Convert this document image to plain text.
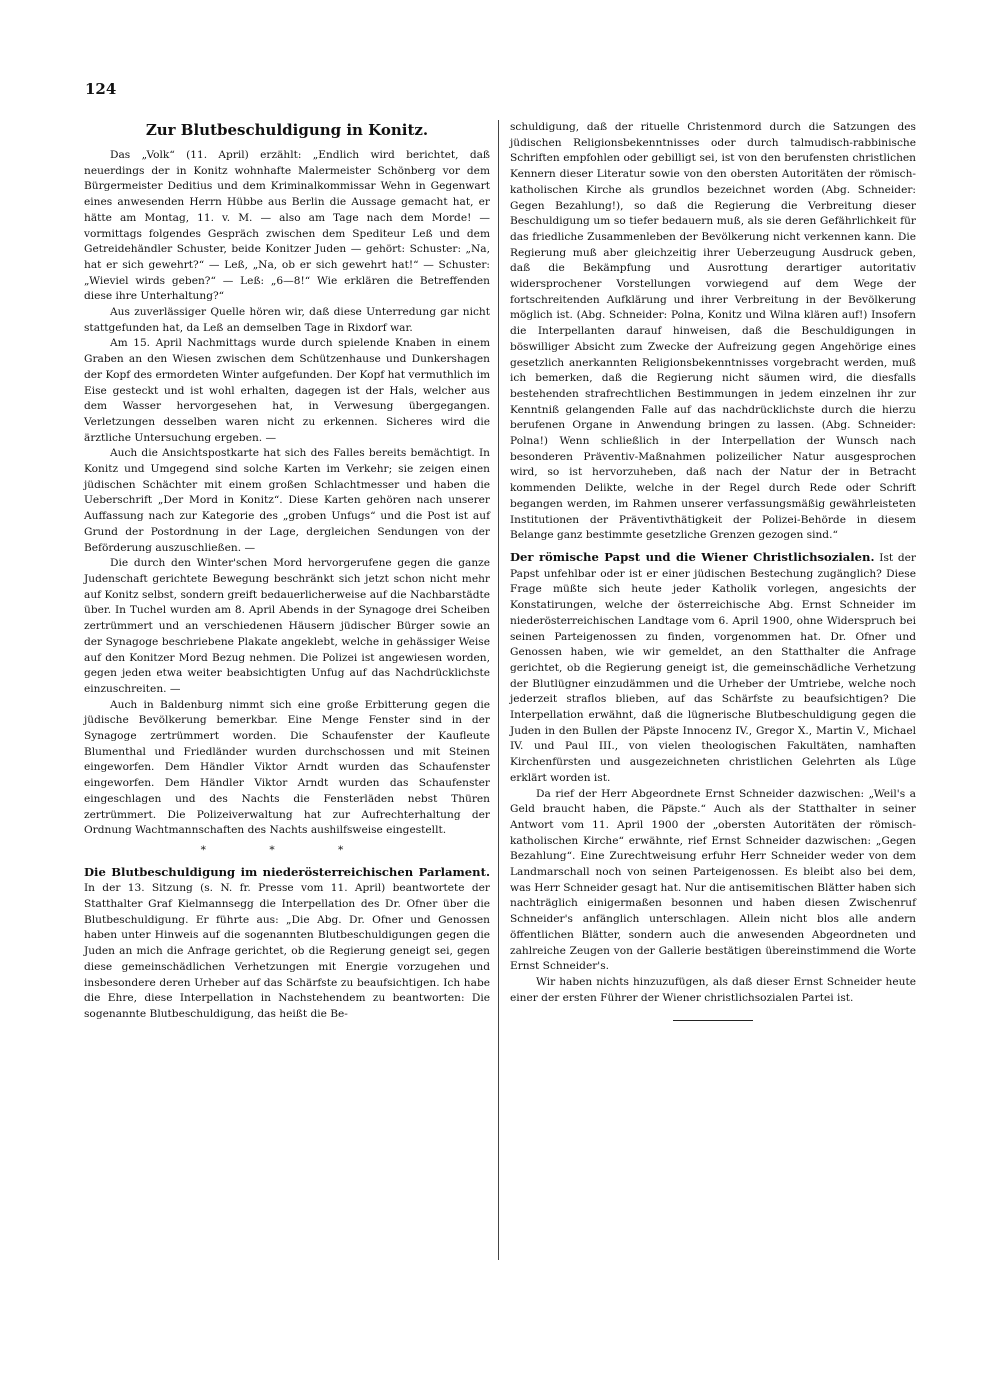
124
Zur Blutbeschuldigung in Konitz.

Das „Volk“ (11. April) erzählt: „Endlich wird berichtet, daß neuerdings der in Konitz wohnhafte Malermeister Schönberg vor dem Bürgermeister Deditius und dem Kriminalkommissar Wehn in Gegenwart eines anwesenden Herrn Hübbe aus Berlin die Aussage gemacht hat, er hätte am Montag, 11. v. M. — also am Tage nach dem Morde! — vormittags folgendes Gespräch zwischen dem Spediteur Leß und dem Getreidehändler Schuster, beide Konitzer Juden — gehört: Schuster: „Na, hat er sich gewehrt?“ — Leß, „Na, ob er sich gewehrt hat!“ — Schuster: „Wieviel wirds geben?“ — Leß: „6—8!“ Wie erklären die Betreffenden diese ihre Unterhaltung?“

Aus zuverlässiger Quelle hören wir, daß diese Unterredung gar nicht stattgefunden hat, da Leß an demselben Tage in Rixdorf war.

Am 15. April Nachmittags wurde durch spielende Knaben in einem Graben an den Wiesen zwischen dem Schützenhause und Dunkershagen der Kopf des ermordeten Winter aufgefunden. Der Kopf hat vermuthlich im Eise gesteckt und ist wohl erhalten, dagegen ist der Hals, welcher aus dem Wasser hervorgesehen hat, in Verwesung übergegangen. Verletzungen desselben waren nicht zu erkennen. Sicheres wird die ärztliche Untersuchung ergeben. —

Auch die Ansichtspostkarte hat sich des Falles bereits bemächtigt. In Konitz und Umgegend sind solche Karten im Verkehr; sie zeigen einen jüdischen Schächter mit einem großen Schlachtmesser und haben die Ueberschrift „Der Mord in Konitz“. Diese Karten gehören nach unserer Auffassung nach zur Kategorie des „groben Unfugs“ und die Post ist auf Grund der Postordnung in der Lage, dergleichen Sendungen von der Beförderung auszuschließen. —

Die durch den Winter'schen Mord hervorgerufene gegen die ganze Judenschaft gerichtete Bewegung beschränkt sich jetzt schon nicht mehr auf Konitz selbst, sondern greift bedauerlicherweise auf die Nachbarstädte über. In Tuchel wurden am 8. April Abends in der Synagoge drei Scheiben zertrümmert und an verschiedenen Häusern jüdischer Bürger sowie an der Synagoge beschriebene Plakate angeklebt, welche in gehässiger Weise auf den Konitzer Mord Bezug nehmen. Die Polizei ist angewiesen worden, gegen jeden etwa weiter beabsichtigten Unfug auf das Nachdrücklichste einzuschreiten. —

Auch in Baldenburg nimmt sich eine große Erbitterung gegen die jüdische Bevölkerung bemerkbar. Eine Menge Fenster sind in der Synagoge zertrümmert worden. Die Schaufenster der Kaufleute Blumenthal und Friedländer wurden durchschossen und mit Steinen eingeworfen. Dem Händler Viktor Arndt wurden das Schaufenster eingeworfen. Dem Händler Viktor Arndt wurden das Schaufenster eingeschlagen und des Nachts die Fensterläden nebst Thüren zertrümmert. Die Polizeiverwaltung hat zur Aufrechterhaltung der Ordnung Wachtmannschaften des Nachts aushilfsweise eingestellt.

* * *

Die Blutbeschuldigung im niederösterreichischen Parlament. In der 13. Sitzung (s. N. fr. Presse vom 11. April) beantwortete der Statthalter Graf Kielmannsegg die Interpellation des Dr. Ofner über die Blutbeschuldigung. Er führte aus: „Die Abg. Dr. Ofner und Genossen haben unter Hinweis auf die sogenannten Blutbeschuldigungen gegen die Juden an mich die Anfrage gerichtet, ob die Regierung geneigt sei, gegen diese gemeinschädlichen Verhetzungen mit Energie vorzugehen und insbesondere deren Urheber auf das Schärfste zu beaufsichtigen. Ich habe die Ehre, diese Interpellation in Nachstehendem zu beantworten: Die sogenannte Blutbeschuldigung, das heißt die Be-

schuldigung, daß der rituelle Christenmord durch die Satzungen des jüdischen Religionsbekenntnisses oder durch talmudisch-rabbinische Schriften empfohlen oder gebilligt sei, ist von den berufensten christlichen Kennern dieser Literatur sowie von den obersten Autoritäten der römisch-katholischen Kirche als grundlos bezeichnet worden (Abg. Schneider: Gegen Bezahlung!), so daß die Regierung die Verbreitung dieser Beschuldigung um so tiefer bedauern muß, als sie deren Gefährlichkeit für das friedliche Zusammenleben der Bevölkerung nicht verkennen kann. Die Regierung muß aber gleichzeitig ihrer Ueberzeugung Ausdruck geben, daß die Bekämpfung und Ausrottung derartiger autoritativ widersprochener Vorstellungen vorwiegend auf dem Wege der fortschreitenden Aufklärung und ihrer Verbreitung in der Bevölkerung möglich ist. (Abg. Schneider: Polna, Konitz und Wilna klären auf!) Insofern die Interpellanten darauf hinweisen, daß die Beschuldigungen in böswilliger Absicht zum Zwecke der Aufreizung gegen Angehörige eines gesetzlich anerkannten Religionsbekenntnisses vorgebracht werden, muß ich bemerken, daß die Regierung nicht säumen wird, die diesfalls bestehenden strafrechtlichen Bestimmungen in jedem einzelnen ihr zur Kenntniß gelangenden Falle auf das nachdrücklichste durch die hierzu berufenen Organe in Anwendung bringen zu lassen. (Abg. Schneider: Polna!) Wenn schließlich in der Interpellation der Wunsch nach besonderen Präventiv-Maßnahmen polizeilicher Natur ausgesprochen wird, so ist hervorzuheben, daß nach der Natur der in Betracht kommenden Delikte, welche in der Regel durch Rede oder Schrift begangen werden, im Rahmen unserer verfassungsmäßig gewährleisteten Institutionen der Präventivthätigkeit der Polizei-Behörde in diesem Belange ganz bestimmte gesetzliche Grenzen gezogen sind.“

Der römische Papst und die Wiener Christlichsozialen. Ist der Papst unfehlbar oder ist er einer jüdischen Bestechung zugänglich? Diese Frage müßte sich heute jeder Katholik vorlegen, angesichts der Konstatirungen, welche der österreichische Abg. Ernst Schneider im niederösterreichischen Landtage vom 6. April 1900, ohne Widerspruch bei seinen Parteigenossen zu finden, vorgenommen hat. Dr. Ofner und Genossen haben, wie wir gemeldet, an den Statthalter die Anfrage gerichtet, ob die Regierung geneigt ist, die gemeinschädliche Verhetzung der Blutlügner einzudämmen und die Urheber der Umtriebe, welche noch jederzeit straflos blieben, auf das Schärfste zu beaufsichtigen? Die Interpellation erwähnt, daß die lügnerische Blutbeschuldigung gegen die Juden in den Bullen der Päpste Innocenz IV., Gregor X., Martin V., Michael IV. und Paul III., von vielen theologischen Fakultäten, namhaften Kirchenfürsten und ausgezeichneten christlichen Gelehrten als Lüge erklärt worden ist.

Da rief der Herr Abgeordnete Ernst Schneider dazwischen: „Weil's a Geld braucht haben, die Päpste.“ Auch als der Statthalter in seiner Antwort vom 11. April 1900 der „obersten Autoritäten der römisch-katholischen Kirche“ erwähnte, rief Ernst Schneider dazwischen: „Gegen Bezahlung“. Eine Zurechtweisung erfuhr Herr Schneider weder von dem Landmarschall noch von seinen Parteigenossen. Es bleibt also bei dem, was Herr Schneider gesagt hat. Nur die antisemitischen Blätter haben sich nachträglich einigermaßen besonnen und haben diesen Zwischenruf Schneider's anfänglich unterschlagen. Allein nicht blos alle andern öffentlichen Blätter, sondern auch die anwesenden Abgeordneten und zahlreiche Zeugen von der Gallerie bestätigen übereinstimmend die Worte Ernst Schneider's.

Wir haben nichts hinzuzufügen, als daß dieser Ernst Schneider heute einer der ersten Führer der Wiener christlichsozialen Partei ist.
